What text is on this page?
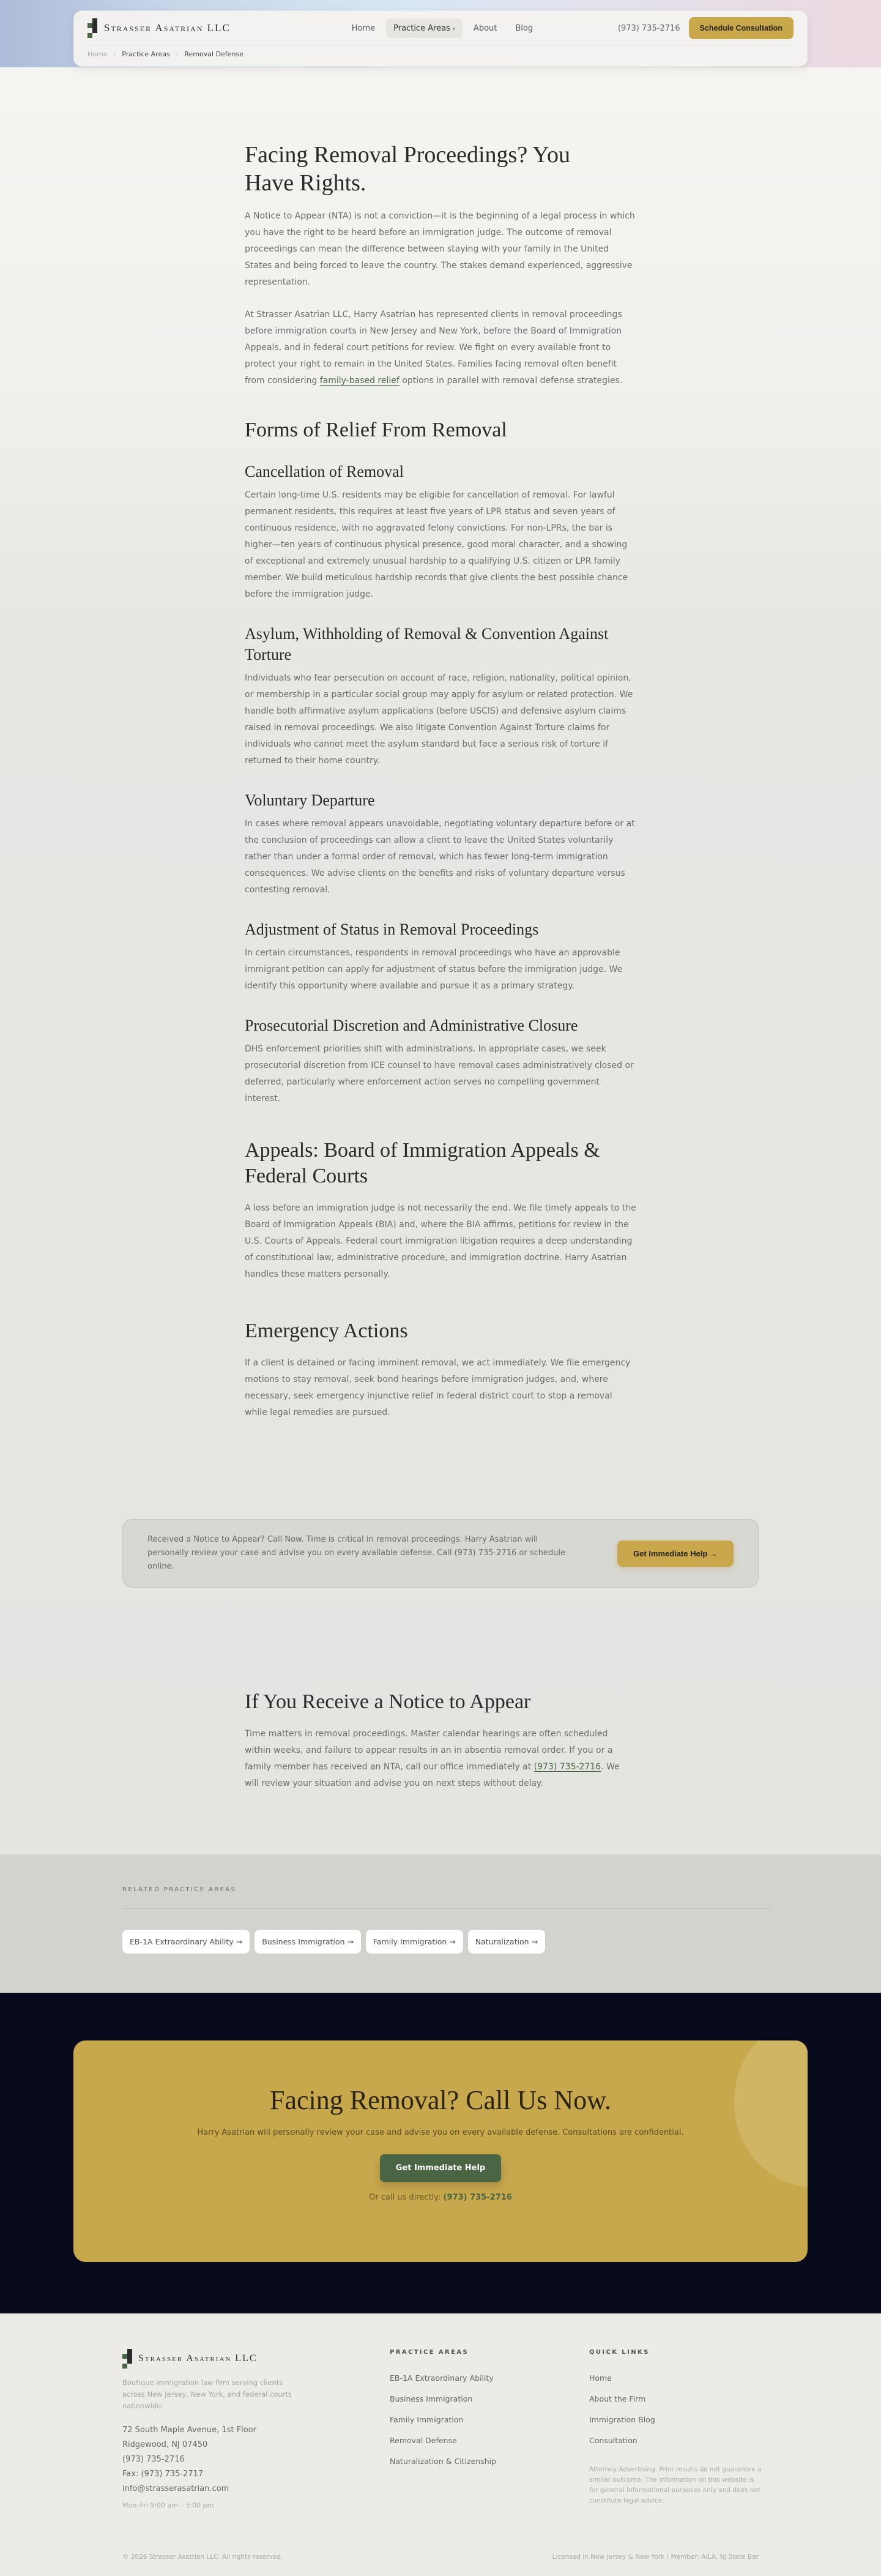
Strasser Asatrian LLC	Home	Practice Areas ▾	About	Blog	(973) 735-2716	Schedule Consultation
Home / Practice Areas / Removal Defense
Facing Removal Proceedings? You Have Rights.

A Notice to Appear (NTA) is not a conviction—it is the beginning of a legal process in which you have the right to be heard before an immigration judge. The outcome of removal proceedings can mean the difference between staying with your family in the United States and being forced to leave the country. The stakes demand experienced, aggressive representation.

At Strasser Asatrian LLC, Harry Asatrian has represented clients in removal proceedings before immigration courts in New Jersey and New York, before the Board of Immigration Appeals, and in federal court petitions for review. We fight on every available front to protect your right to remain in the United States. Families facing removal often benefit from considering family-based relief options in parallel with removal defense strategies.

Forms of Relief From Removal
Cancellation of Removal

Certain long-time U.S. residents may be eligible for cancellation of removal. For lawful permanent residents, this requires at least five years of LPR status and seven years of continuous residence, with no aggravated felony convictions. For non-LPRs, the bar is higher—ten years of continuous physical presence, good moral character, and a showing of exceptional and extremely unusual hardship to a qualifying U.S. citizen or LPR family member. We build meticulous hardship records that give clients the best possible chance before the immigration judge.

Asylum, Withholding of Removal & Convention Against Torture

Individuals who fear persecution on account of race, religion, nationality, political opinion, or membership in a particular social group may apply for asylum or related protection. We handle both affirmative asylum applications (before USCIS) and defensive asylum claims raised in removal proceedings. We also litigate Convention Against Torture claims for individuals who cannot meet the asylum standard but face a serious risk of torture if returned to their home country.

Voluntary Departure

In cases where removal appears unavoidable, negotiating voluntary departure before or at the conclusion of proceedings can allow a client to leave the United States voluntarily rather than under a formal order of removal, which has fewer long-term immigration consequences. We advise clients on the benefits and risks of voluntary departure versus contesting removal.

Adjustment of Status in Removal Proceedings

In certain circumstances, respondents in removal proceedings who have an approvable immigrant petition can apply for adjustment of status before the immigration judge. We identify this opportunity where available and pursue it as a primary strategy.

Prosecutorial Discretion and Administrative Closure

DHS enforcement priorities shift with administrations. In appropriate cases, we seek prosecutorial discretion from ICE counsel to have removal cases administratively closed or deferred, particularly where enforcement action serves no compelling government interest.

Appeals: Board of Immigration Appeals & Federal Courts

A loss before an immigration judge is not necessarily the end. We file timely appeals to the Board of Immigration Appeals (BIA) and, where the BIA affirms, petitions for review in the U.S. Courts of Appeals. Federal court immigration litigation requires a deep understanding of constitutional law, administrative procedure, and immigration doctrine. Harry Asatrian handles these matters personally.

Emergency Actions

If a client is detained or facing imminent removal, we act immediately. We file emergency motions to stay removal, seek bond hearings before immigration judges, and, where necessary, seek emergency injunctive relief in federal district court to stop a removal while legal remedies are pursued.

Received a Notice to Appear? Call Now. Time is critical in removal proceedings. Harry Asatrian will personally review your case and advise you on every available defense. Call (973) 735-2716 or schedule online.

Get Immediate Help →
If You Receive a Notice to Appear

Time matters in removal proceedings. Master calendar hearings are often scheduled within weeks, and failure to appear results in an in absentia removal order. If you or a family member has received an NTA, call our office immediately at (973) 735-2716. We will review your situation and advise you on next steps without delay.

RELATED PRACTICE AREAS
EB-1A Extraordinary Ability →	Business Immigration →	Family Immigration →	Naturalization →
Facing Removal? Call Us Now.

Harry Asatrian will personally review your case and advise you on every available defense. Consultations are confidential.

Get Immediate Help

Or call us directly: (973) 735-2716

Strasser Asatrian LLC

Boutique immigration law firm serving clients across New Jersey, New York, and federal courts nationwide.

72 South Maple Avenue, 1st Floor
Ridgewood, NJ 07450
(973) 735-2716
Fax: (973) 735-2717
info@strasserasatrian.com
Mon–Fri 9:00 am – 5:00 pm
PRACTICE AREAS
EB-1A Extraordinary Ability
Business Immigration
Family Immigration
Removal Defense
Naturalization & Citizenship
QUICK LINKS
Home
About the Firm
Immigration Blog
Consultation

Attorney Advertising. Prior results do not guarantee a similar outcome. The information on this website is for general informational purposes only and does not constitute legal advice.

© 2026 Strasser Asatrian LLC. All rights reserved.	Licensed in New Jersey & New York | Member: AILA, NJ State Bar
